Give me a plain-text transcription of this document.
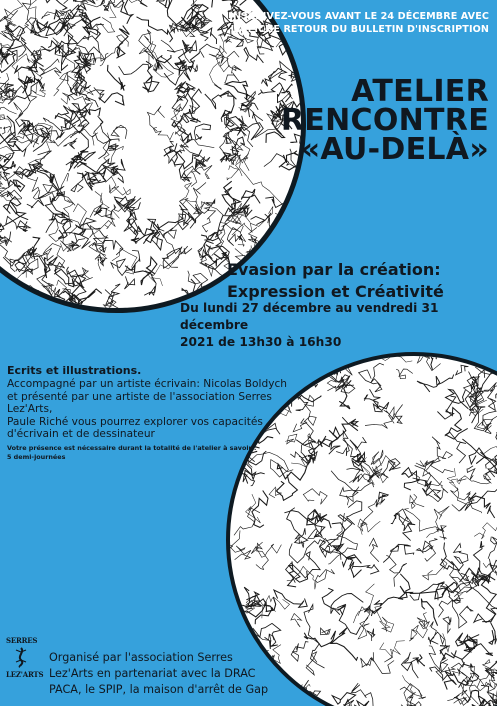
INSCRIVEZ-VOUS AVANT LE 24 DÉCEMBRE AVEC
LA FICHE RETOUR DU BULLETIN D'INSCRIPTION
ATELIER
RENCONTRE
«AU-DELÀ»
Evasion par la création:
Expression et Créativité
Du lundi 27 décembre au vendredi 31 décembre
2021 de 13h30 à 16h30
Ecrits et illustrations.
Accompagné par un artiste écrivain: Nicolas Boldych
et présenté par une artiste de l'association Serres Lez'Arts,
Paule Riché vous pourrez explorer vos capacités
d'écrivain et de dessinateur
Votre présence est nécessaire durant la totalité de l'atelier à savoir :
5 demi-journées
SERRES
LEZ'ARTS
Organisé par l'association Serres
Lez'Arts en partenariat avec la DRAC
PACA, le SPIP, la maison d'arrêt de Gap
